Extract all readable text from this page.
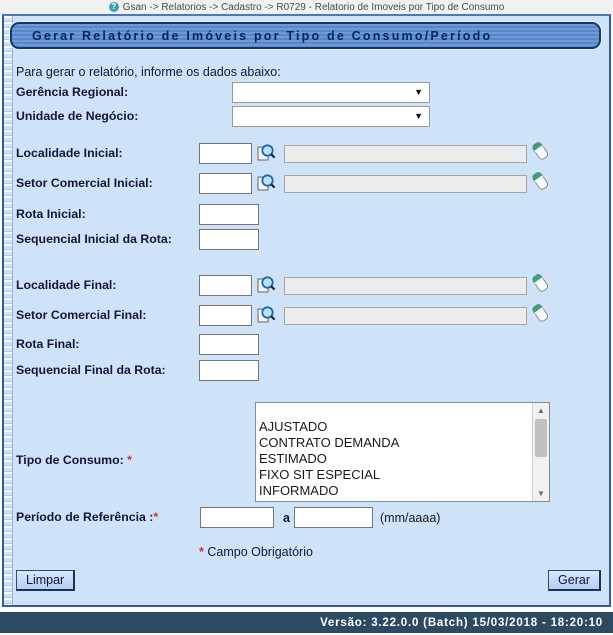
? Gsan -> Relatorios -> Cadastro -> R0729 - Relatorio de Imoveis por Tipo de Consumo
Gerar Relatório de Imóveis por Tipo de Consumo/Período
Para gerar o relatório, informe os dados abaixo:
Gerência Regional:	▼
Unidade de Negócio:	▼
Localidade Inicial:
Setor Comercial Inicial:
Rota Inicial:
Sequencial Inicial da Rota:
Localidade Final:
Setor Comercial Final:
Rota Final:
Sequencial Final da Rota:
Tipo de Consumo: *
AJUSTADO
CONTRATO DEMANDA
ESTIMADO
FIXO SIT ESPECIAL
INFORMADO
▲
▼
Período de Referência :*	a	(mm/aaaa)
* Campo Obrigatório
Limpar	Gerar
Versão: 3.22.0.0 (Batch) 15/03/2018 - 18:20:10
